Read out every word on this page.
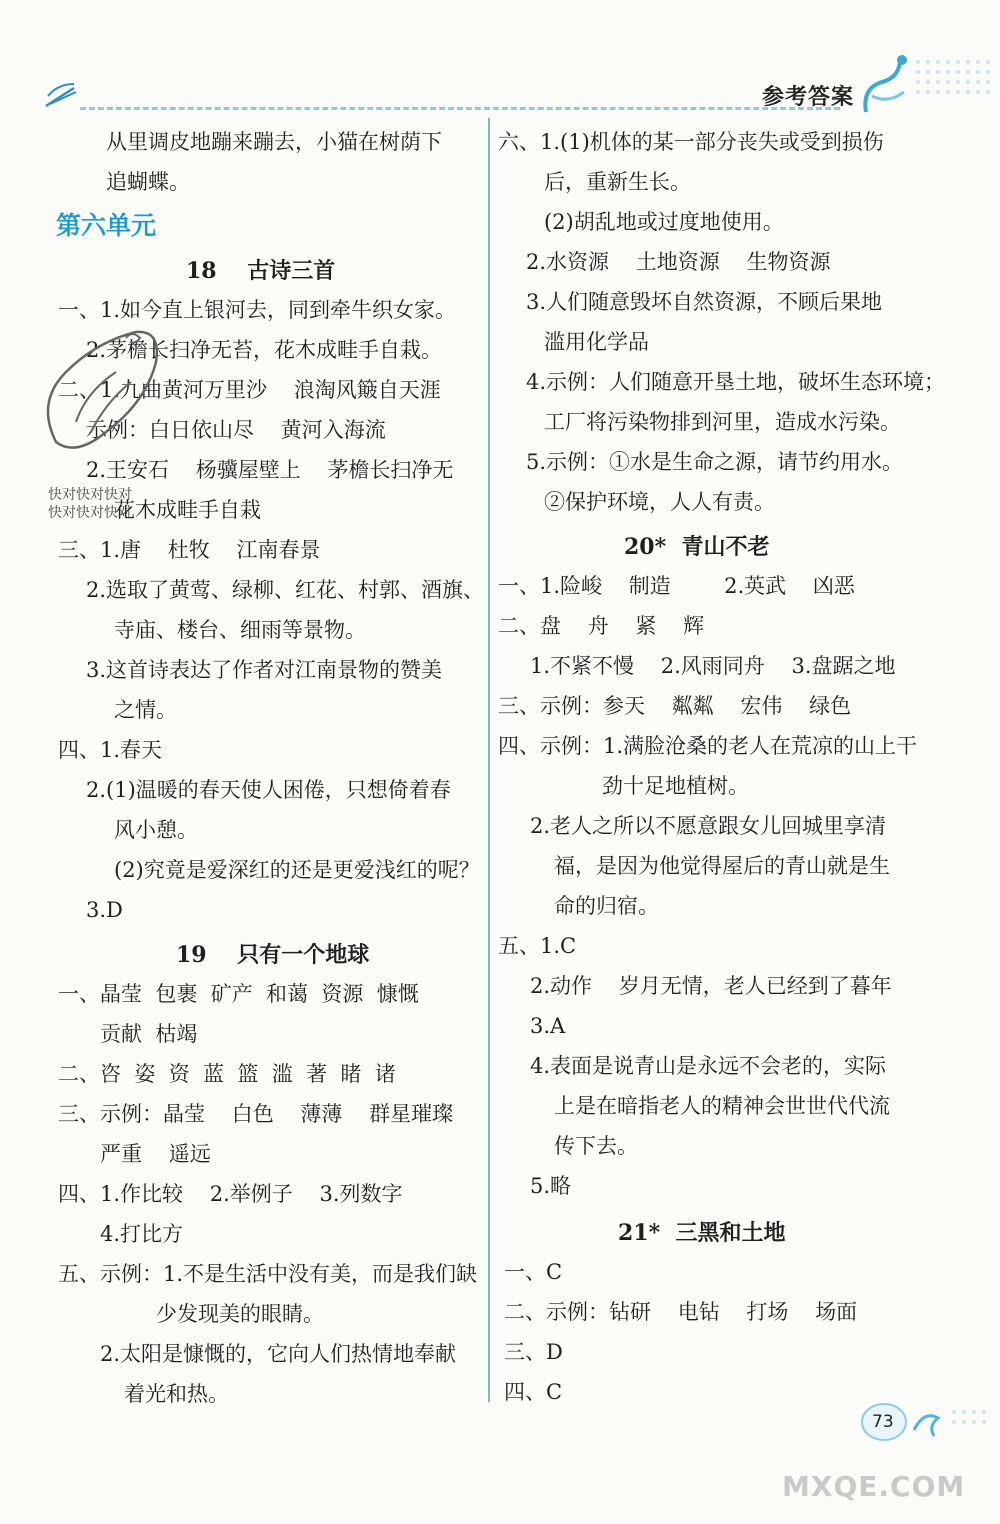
参考答案
从里调皮地蹦来蹦去，小猫在树荫下
追蝴蝶。
第六单元
18    古诗三首
一、1.如今直上银河去，同到牵牛织女家。
2.茅檐长扫净无苔，花木成畦手自栽。
二、1.九曲黄河万里沙    浪淘风簸自天涯
示例：白日依山尽    黄河入海流
2.王安石    杨骥屋壁上    茅檐长扫净无
花木成畦手自栽
三、1.唐    杜牧    江南春景
2.选取了黄莺、绿柳、红花、村郭、酒旗、
寺庙、楼台、细雨等景物。
3.这首诗表达了作者对江南景物的赞美
之情。
四、1.春天
2.(1)温暖的春天使人困倦，只想倚着春
风小憩。
(2)究竟是爱深红的还是更爱浅红的呢？
3.D
19    只有一个地球
一、晶莹  包裹  矿产  和蔼  资源  慷慨
贡献  枯竭
二、咨  姿  资  蓝  篮  滥  著  睹  诸
三、示例：晶莹    白色    薄薄    群星璀璨
严重    遥远
四、1.作比较    2.举例子    3.列数字
4.打比方
五、示例：1.不是生活中没有美，而是我们缺
少发现美的眼睛。
2.太阳是慷慨的，它向人们热情地奉献
着光和热。
快对快对快对
快对快对快对
六、1.(1)机体的某一部分丧失或受到损伤
后，重新生长。
(2)胡乱地或过度地使用。
2.水资源    土地资源    生物资源
3.人们随意毁坏自然资源，不顾后果地
滥用化学品
4.示例：人们随意开垦土地，破坏生态环境；
工厂将污染物排到河里，造成水污染。
5.示例：①水是生命之源，请节约用水。
②保护环境，人人有责。
20*  青山不老
一、1.险峻    制造        2.英武    凶恶
二、盘    舟    紧    辉
1.不紧不慢    2.风雨同舟    3.盘踞之地
三、示例：参天    粼粼    宏伟    绿色
四、示例：1.满脸沧桑的老人在荒凉的山上干
劲十足地植树。
2.老人之所以不愿意跟女儿回城里享清
福，是因为他觉得屋后的青山就是生
命的归宿。
五、1.C
2.动作    岁月无情，老人已经到了暮年
3.A
4.表面是说青山是永远不会老的，实际
上是在暗指老人的精神会世世代代流
传下去。
5.略
21*  三黑和土地
一、C
二、示例：钻研    电钻    打场    场面
三、D
四、C
73
MXQE.COM
